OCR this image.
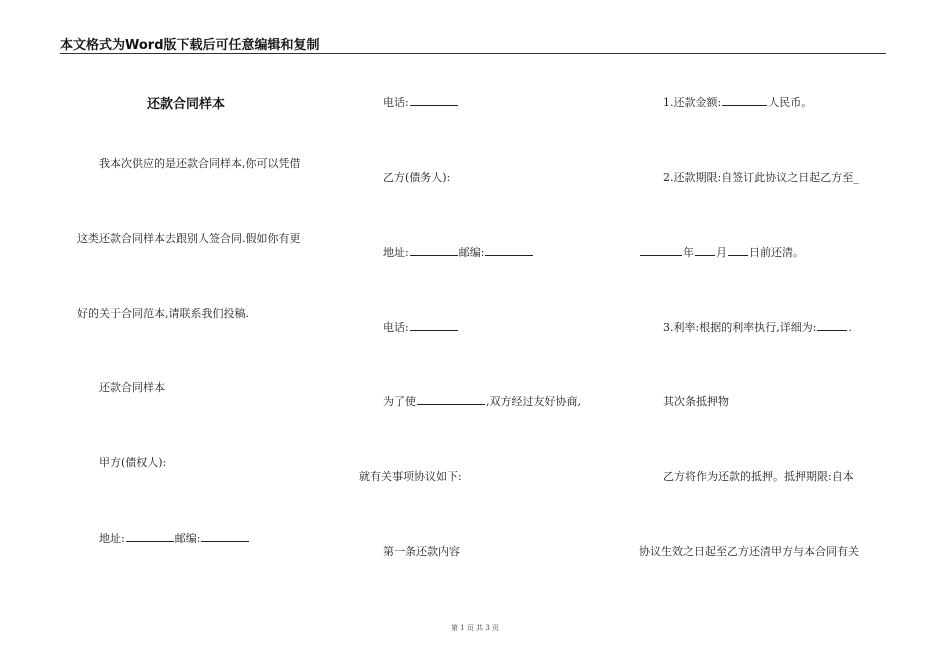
本文格式为Word版下载后可任意编辑和复制
还款合同样本
我本次供应的是还款合同样本,你可以凭借
这类还款合同样本去跟别人签合同.假如你有更
好的关于合同范本,请联系我们投稿.
还款合同样本
甲方(债权人):
地址:	邮编:
电话:
乙方(债务人):
地址:	邮编:
电话:
为了使	,双方经过友好协商,
就有关事项协议如下:
第一条还款内容
1.还款金额:	人民币。
2.还款期限:自签订此协议之日起乙方至_
年 月 日前还清。
3.利率:根据的利率执行,详细为:	.
其次条抵押物
乙方将作为还款的抵押。抵押期限:自本
协议生效之日起至乙方还清甲方与本合同有关
第 1 页 共 3 页
